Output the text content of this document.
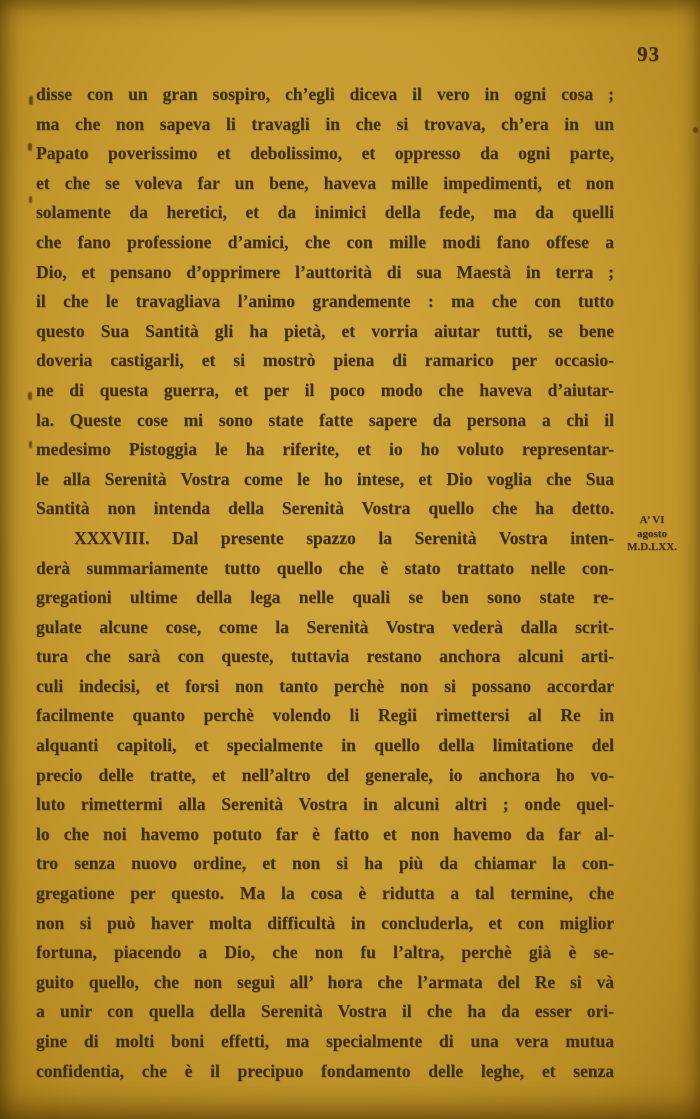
93
disse con un gran sospiro, ch’egli diceva il vero in ogni cosa ;
ma che non sapeva li travagli in che si trovava, ch’era in un
Papato poverissimo et debolissimo, et oppresso da ogni parte,
et che se voleva far un bene, haveva mille impedimenti, et non
solamente da heretici, et da inimici della fede, ma da quelli
che fano professione d’amici, che con mille modi fano offese a
Dio, et pensano d’opprimere l’auttorità di sua Maestà in terra ;
il che le travagliava l’animo grandemente : ma che con tutto
questo Sua Santità gli ha pietà, et vorria aiutar tutti, se bene
doveria castigarli, et si mostrò piena di ramarico per occasio-
ne di questa guerra, et per il poco modo che haveva d’aiutar-
la. Queste cose mi sono state fatte sapere da persona a chi il
medesimo Pistoggia le ha riferite, et io ho voluto representar-
le alla Serenità Vostra come le ho intese, et Dio voglia che Sua
Santità non intenda della Serenità Vostra quello che ha detto.
XXXVIII. Dal presente spazzo la Serenità Vostra inten-
derà summariamente tutto quello che è stato trattato nelle con-
gregationi ultime della lega nelle quali se ben sono state re-
gulate alcune cose, come la Serenità Vostra vederà dalla scrit-
tura che sarà con queste, tuttavia restano anchora alcuni arti-
culi indecisi, et forsi non tanto perchè non si possano accordar
facilmente quanto perchè volendo li Regii rimettersi al Re in
alquanti capitoli, et specialmente in quello della limitatione del
precio delle tratte, et nell’altro del generale, io anchora ho vo-
luto rimettermi alla Serenità Vostra in alcuni altri ; onde quel-
lo che noi havemo potuto far è fatto et non havemo da far al-
tro senza nuovo ordine, et non si ha più da chiamar la con-
gregatione per questo. Ma la cosa è ridutta a tal termine, che
non si può haver molta difficultà in concluderla, et con miglior
fortuna, piacendo a Dio, che non fu l’altra, perchè già è se-
guito quello, che non seguì all’ hora che l’armata del Re si và
a unir con quella della Serenità Vostra il che ha da esser ori-
gine di molti boni effetti, ma specialmente di una vera mutua
confidentia, che è il precipuo fondamento delle leghe, et senza
A’ VI
agosto
M.D.LXX.
